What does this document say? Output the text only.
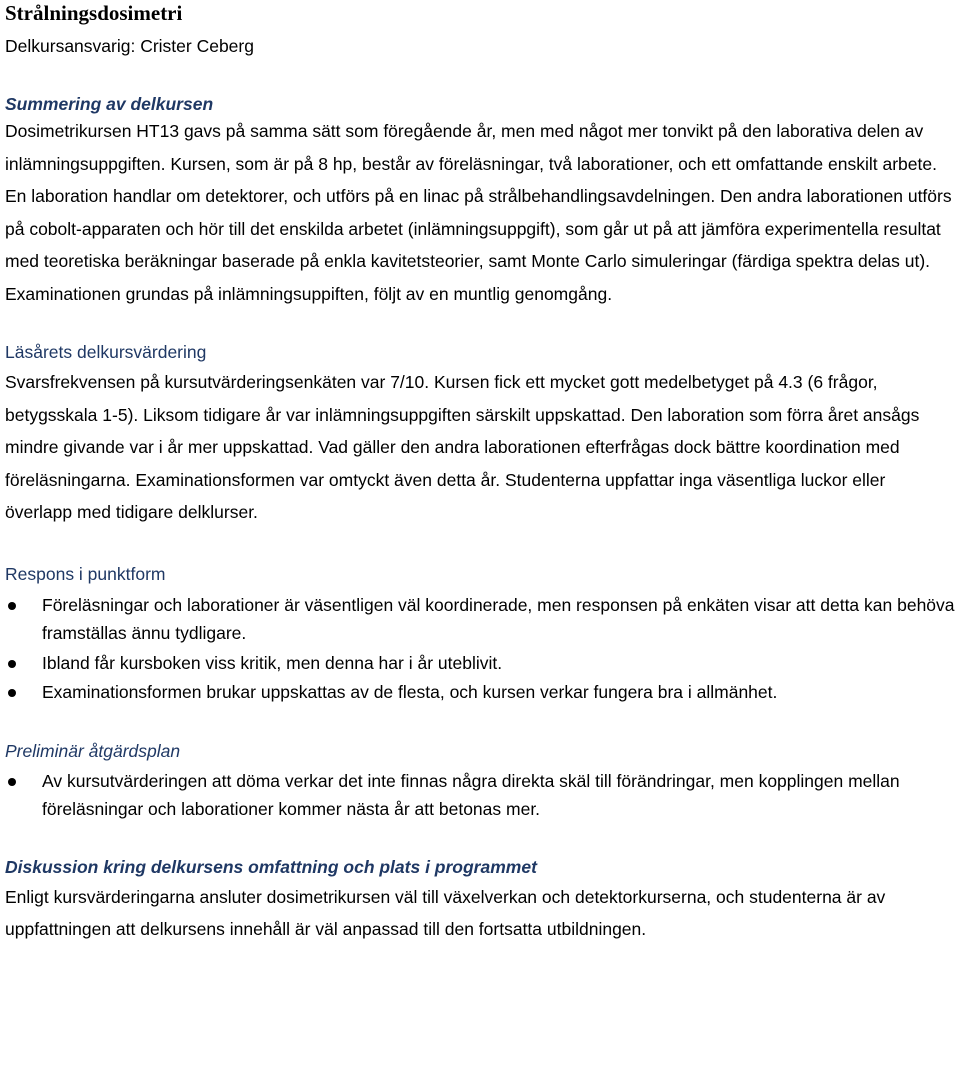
Strålningsdosimetri

Delkursansvarig: Crister Ceberg

Summering av delkursen

Dosimetrikursen HT13 gavs på samma sätt som föregående år, men med något mer tonvikt på den laborativa delen av inlämningsuppgiften. Kursen, som är på 8 hp, består av föreläsningar, två laborationer, och ett omfattande enskilt arbete. En laboration handlar om detektorer, och utförs på en linac på strålbehandlingsavdelningen. Den andra laborationen utförs på cobolt-apparaten och hör till det enskilda arbetet (inlämningsuppgift), som går ut på att jämföra experimentella resultat med teoretiska beräkningar baserade på enkla kavitetsteorier, samt Monte Carlo simuleringar (färdiga spektra delas ut). Examinationen grundas på inlämningsuppiften, följt av en muntlig genomgång.

Läsårets delkursvärdering

Svarsfrekvensen på kursutvärderingsenkäten var 7/10. Kursen fick ett mycket gott medelbetyget på 4.3 (6 frågor, betygsskala 1-5). Liksom tidigare år var inlämningsuppgiften särskilt uppskattad. Den laboration som förra året ansågs mindre givande var i år mer uppskattad. Vad gäller den andra laborationen efterfrågas dock bättre koordination med föreläsningarna. Examinationsformen var omtyckt även detta år. Studenterna uppfattar inga väsentliga luckor eller överlapp med tidigare delklurser.

Respons i punktform
Föreläsningar och laborationer är väsentligen väl koordinerade, men responsen på enkäten visar att detta kan behöva framställas ännu tydligare.
Ibland får kursboken viss kritik, men denna har i år uteblivit.
Examinationsformen brukar uppskattas av de flesta, och kursen verkar fungera bra i allmänhet.
Preliminär åtgärdsplan
Av kursutvärderingen att döma verkar det inte finnas några direkta skäl till förändringar, men kopplingen mellan föreläsningar och laborationer kommer nästa år att betonas mer.
Diskussion kring delkursens omfattning och plats i programmet

Enligt kursvärderingarna ansluter dosimetrikursen väl till växelverkan och detektorkurserna, och studenterna är av uppfattningen att delkursens innehåll är väl anpassad till den fortsatta utbildningen.
